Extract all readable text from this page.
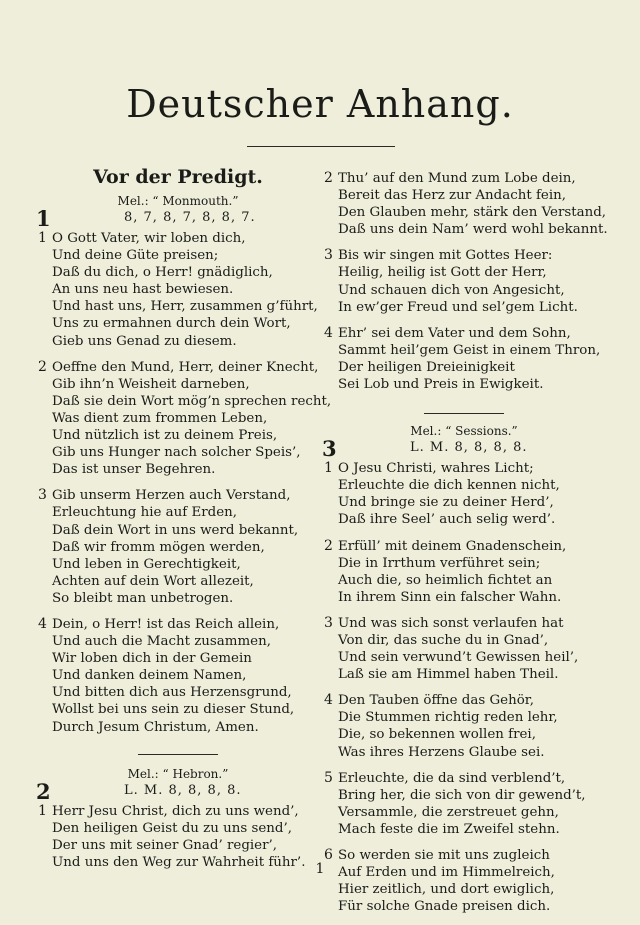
Deutscher Anhang.
Vor der Predigt.
Mel.: “ Monmouth.”
1	8, 7, 8, 7, 8, 8, 7.
1 O Gott Vater, wir loben dich,
Und deine Güte preisen;
Daß du dich, o Herr! gnädiglich,
An uns neu hast bewiesen.
Und hast uns, Herr, zusammen g’führt,
Uns zu ermahnen durch dein Wort,
Gieb uns Genad zu diesem.
2 Oeffne den Mund, Herr, deiner Knecht,
Gib ihn’n Weisheit darneben,
Daß sie dein Wort mög’n sprechen recht,
Was dient zum frommen Leben,
Und nützlich ist zu deinem Preis,
Gib uns Hunger nach solcher Speis’,
Das ist unser Begehren.
3 Gib unserm Herzen auch Verstand,
Erleuchtung hie auf Erden,
Daß dein Wort in uns werd bekannt,
Daß wir fromm mögen werden,
Und leben in Gerechtigkeit,
Achten auf dein Wort allezeit,
So bleibt man unbetrogen.
4 Dein, o Herr! ist das Reich allein,
Und auch die Macht zusammen,
Wir loben dich in der Gemein
Und danken deinem Namen,
Und bitten dich aus Herzensgrund,
Wollst bei uns sein zu dieser Stund,
Durch Jesum Christum, Amen.
Mel.: “ Hebron.”
2	L. M. 8, 8, 8, 8.
1 Herr Jesu Christ, dich zu uns wend’,
Den heiligen Geist du zu uns send’,
Der uns mit seiner Gnad’ regier’,
Und uns den Weg zur Wahrheit führ’.
2 Thu’ auf den Mund zum Lobe dein,
Bereit das Herz zur Andacht fein,
Den Glauben mehr, stärk den Verstand,
Daß uns dein Nam’ werd wohl bekannt.
3 Bis wir singen mit Gottes Heer:
Heilig, heilig ist Gott der Herr,
Und schauen dich von Angesicht,
In ew’ger Freud und sel’gem Licht.
4 Ehr’ sei dem Vater und dem Sohn,
Sammt heil’gem Geist in einem Thron,
Der heiligen Dreieinigkeit
Sei Lob und Preis in Ewigkeit.
Mel.: “ Sessions.”
3	L. M. 8, 8, 8, 8.
1 O Jesu Christi, wahres Licht;
Erleuchte die dich kennen nicht,
Und bringe sie zu deiner Herd’,
Daß ihre Seel’ auch selig werd’.
2 Erfüll’ mit deinem Gnadenschein,
Die in Irrthum verführet sein;
Auch die, so heimlich fichtet an
In ihrem Sinn ein falscher Wahn.
3 Und was sich sonst verlaufen hat
Von dir, das suche du in Gnad’,
Und sein verwund’t Gewissen heil’,
Laß sie am Himmel haben Theil.
4 Den Tauben öffne das Gehör,
Die Stummen richtig reden lehr,
Die, so bekennen wollen frei,
Was ihres Herzens Glaube sei.
5 Erleuchte, die da sind verblend’t,
Bring her, die sich von dir gewend’t,
Versammle, die zerstreuet gehn,
Mach feste die im Zweifel stehn.
6 So werden sie mit uns zugleich
Auf Erden und im Himmelreich,
Hier zeitlich, und dort ewiglich,
Für solche Gnade preisen dich.
1
